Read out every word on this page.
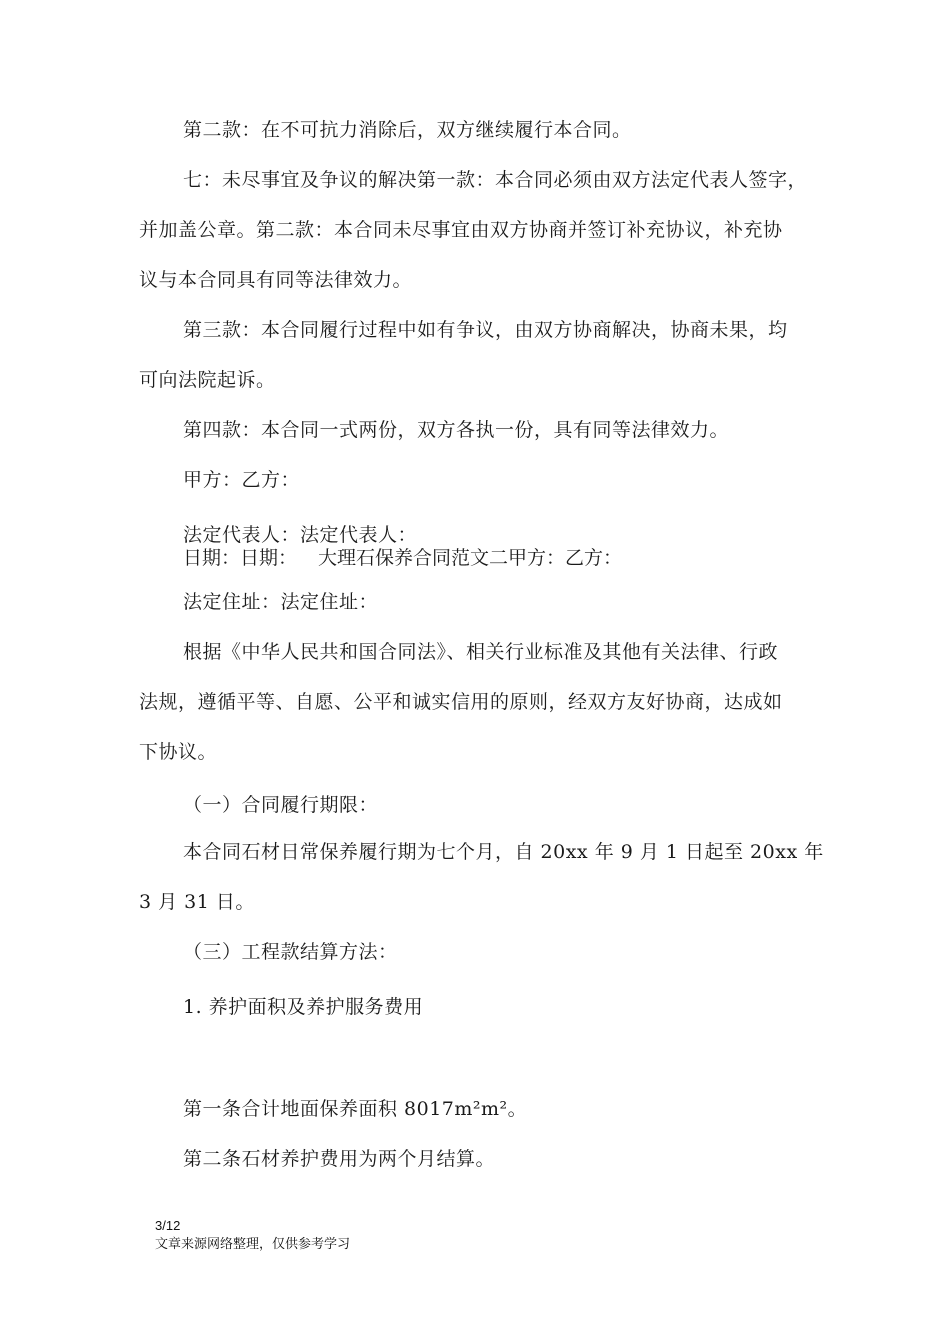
第二款：在不可抗力消除后，双方继续履行本合同。
七：未尽事宜及争议的解决第一款：本合同必须由双方法定代表人签字，
并加盖公章。第二款：本合同未尽事宜由双方协商并签订补充协议，补充协
议与本合同具有同等法律效力。
第三款：本合同履行过程中如有争议，由双方协商解决，协商未果，均
可向法院起诉。
第四款：本合同一式两份，双方各执一份，具有同等法律效力。
甲方：乙方：
法定代表人：法定代表人：
日期：日期： 大理石保养合同范文二甲方：乙方：
法定住址：法定住址：
根据《中华人民共和国合同法》、相关行业标准及其他有关法律、行政
法规，遵循平等、自愿、公平和诚实信用的原则，经双方友好协商，达成如
下协议。
（一）合同履行期限：
本合同石材日常保养履行期为七个月，自 20xx 年 9 月 1 日起至 20xx 年
3 月 31 日。
（三）工程款结算方法：
1. 养护面积及养护服务费用
第一条合计地面保养面积 8017m²m²。
第二条石材养护费用为两个月结算。
3/12
文章来源网络整理，仅供参考学习
